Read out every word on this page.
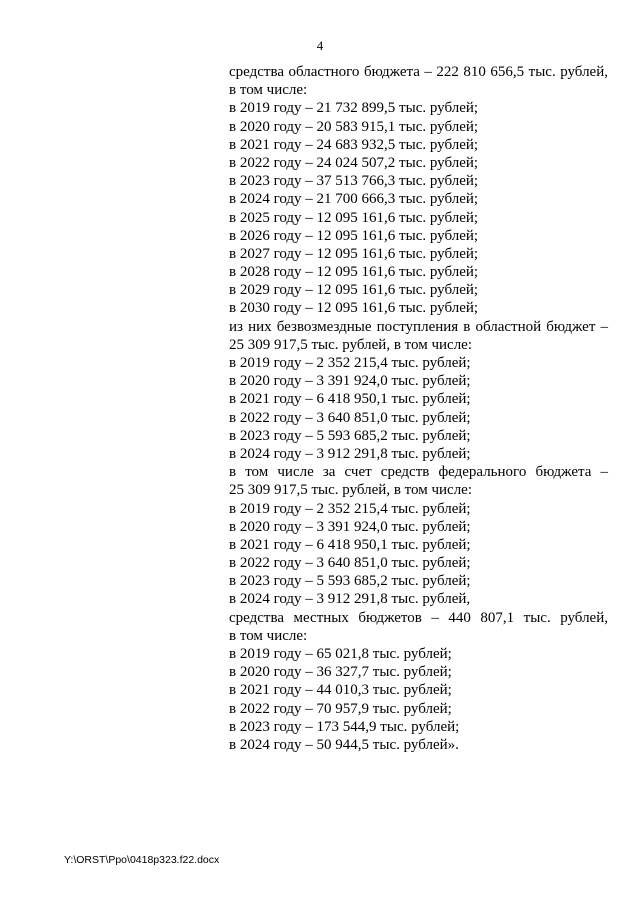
4
средства областного бюджета – 222 810 656,5 тыс. рублей,
в том числе:
в 2019 году – 21 732 899,5 тыс. рублей;
в 2020 году – 20 583 915,1 тыс. рублей;
в 2021 году – 24 683 932,5 тыс. рублей;
в 2022 году – 24 024 507,2 тыс. рублей;
в 2023 году – 37 513 766,3 тыс. рублей;
в 2024 году – 21 700 666,3 тыс. рублей;
в 2025 году – 12 095 161,6 тыс. рублей;
в 2026 году – 12 095 161,6 тыс. рублей;
в 2027 году – 12 095 161,6 тыс. рублей;
в 2028 году – 12 095 161,6 тыс. рублей;
в 2029 году – 12 095 161,6 тыс. рублей;
в 2030 году – 12 095 161,6 тыс. рублей;
из них безвозмездные поступления в областной бюджет –
25 309 917,5 тыс. рублей, в том числе:
в 2019 году – 2 352 215,4 тыс. рублей;
в 2020 году – 3 391 924,0 тыс. рублей;
в 2021 году – 6 418 950,1 тыс. рублей;
в 2022 году – 3 640 851,0 тыс. рублей;
в 2023 году – 5 593 685,2 тыс. рублей;
в 2024 году – 3 912 291,8 тыс. рублей;
в том числе за счет средств федерального бюджета –
25 309 917,5 тыс. рублей, в том числе:
в 2019 году – 2 352 215,4 тыс. рублей;
в 2020 году – 3 391 924,0 тыс. рублей;
в 2021 году – 6 418 950,1 тыс. рублей;
в 2022 году – 3 640 851,0 тыс. рублей;
в 2023 году – 5 593 685,2 тыс. рублей;
в 2024 году – 3 912 291,8 тыс. рублей,
средства местных бюджетов – 440 807,1 тыс. рублей,
в том числе:
в 2019 году – 65 021,8 тыс. рублей;
в 2020 году – 36 327,7 тыс. рублей;
в 2021 году – 44 010,3 тыс. рублей;
в 2022 году – 70 957,9 тыс. рублей;
в 2023 году – 173 544,9 тыс. рублей;
в 2024 году – 50 944,5 тыс. рублей».
Y:\ORST\Ppo\0418p323.f22.docx
